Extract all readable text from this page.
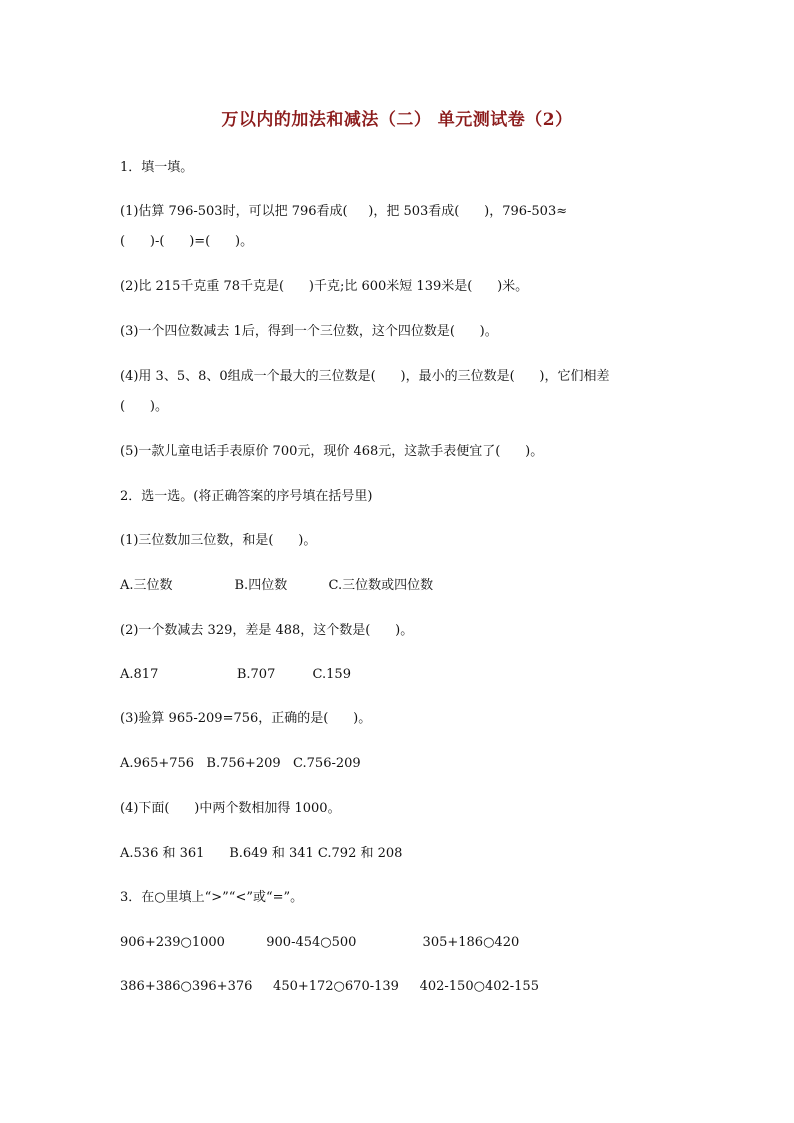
万以内的加法和减法（二） 单元测试卷（2）
1．填一填。
(1)估算 796-503时，可以把 796看成(     )，把 503看成(      )，796-503≈
(      )-(      )=(      )。
(2)比 215千克重 78千克是(      )千克;比 600米短 139米是(      )米。
(3)一个四位数减去 1后，得到一个三位数，这个四位数是(      )。
(4)用 3、5、8、0组成一个最大的三位数是(      )，最小的三位数是(      )，它们相差
(      )。
(5)一款儿童电话手表原价 700元，现价 468元，这款手表便宜了(      )。
2．选一选。(将正确答案的序号填在括号里)
(1)三位数加三位数，和是(      )。
A.三位数               B.四位数          C.三位数或四位数
(2)一个数减去 329，差是 488，这个数是(      )。
A.817                   B.707         C.159
(3)验算 965-209=756，正确的是(      )。
A.965+756   B.756+209   C.756-209
(4)下面(      )中两个数相加得 1000。
A.536 和 361      B.649 和 341 C.792 和 208
3．在○里填上“>”“<”或“=”。
906+239○1000          900-454○500                305+186○420
386+386○396+376     450+172○670-139     402-150○402-155
